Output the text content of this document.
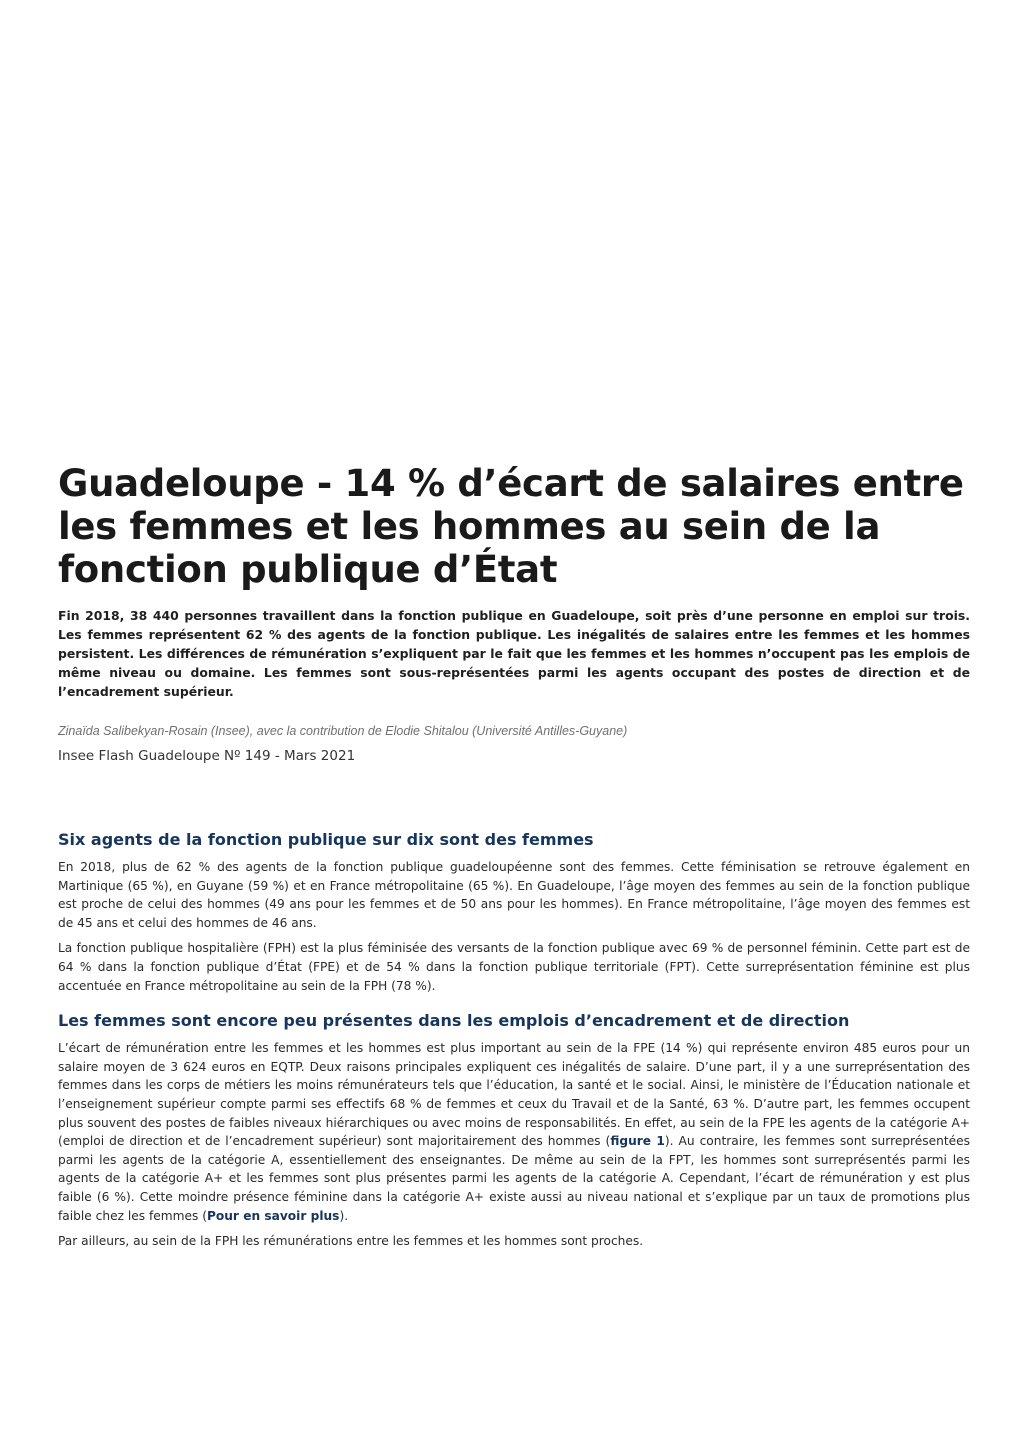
Guadeloupe - 14 % d’écart de salaires entre les femmes et les hommes au sein de la fonction publique d’État

Fin 2018, 38 440 personnes travaillent dans la fonction publique en Guadeloupe, soit près d’une personne en emploi sur trois. Les femmes représentent 62 % des agents de la fonction publique. Les inégalités de salaires entre les femmes et les hommes persistent. Les différences de rémunération s’expliquent par le fait que les femmes et les hommes n’occupent pas les emplois de même niveau ou domaine. Les femmes sont sous-représentées parmi les agents occupant des postes de direction et de l’encadrement supérieur.

Zinaïda Salibekyan-Rosain (Insee), avec la contribution de Elodie Shitalou (Université Antilles-Guyane)
Insee Flash Guadeloupe Nº 149 - Mars 2021
Six agents de la fonction publique sur dix sont des femmes

En 2018, plus de 62 % des agents de la fonction publique guadeloupéenne sont des femmes. Cette féminisation se retrouve également en Martinique (65 %), en Guyane (59 %) et en France métropolitaine (65 %). En Guadeloupe, l’âge moyen des femmes au sein de la fonction publique est proche de celui des hommes (49 ans pour les femmes et de 50 ans pour les hommes). En France métropolitaine, l’âge moyen des femmes est de 45 ans et celui des hommes de 46 ans.

La fonction publique hospitalière (FPH) est la plus féminisée des versants de la fonction publique avec 69 % de personnel féminin. Cette part est de 64 % dans la fonction publique d’État (FPE) et de 54 % dans la fonction publique territoriale (FPT). Cette surreprésentation féminine est plus accentuée en France métropolitaine au sein de la FPH (78 %).

Les femmes sont encore peu présentes dans les emplois d’encadrement et de direction

L’écart de rémunération entre les femmes et les hommes est plus important au sein de la FPE (14 %) qui représente environ 485 euros pour un salaire moyen de 3 624 euros en EQTP. Deux raisons principales expliquent ces inégalités de salaire. D’une part, il y a une surreprésentation des femmes dans les corps de métiers les moins rémunérateurs tels que l’éducation, la santé et le social. Ainsi, le ministère de l’Éducation nationale et l’enseignement supérieur compte parmi ses effectifs 68 % de femmes et ceux du Travail et de la Santé, 63 %. D’autre part, les femmes occupent plus souvent des postes de faibles niveaux hiérarchiques ou avec moins de responsabilités. En effet, au sein de la FPE les agents de la catégorie A+ (emploi de direction et de l’encadrement supérieur) sont majoritairement des hommes (figure 1). Au contraire, les femmes sont surreprésentées parmi les agents de la catégorie A, essentiellement des enseignantes. De même au sein de la FPT, les hommes sont surreprésentés parmi les agents de la catégorie A+ et les femmes sont plus présentes parmi les agents de la catégorie A. Cependant, l’écart de rémunération y est plus faible (6 %). Cette moindre présence féminine dans la catégorie A+ existe aussi au niveau national et s’explique par un taux de promotions plus faible chez les femmes (Pour en savoir plus).

Par ailleurs, au sein de la FPH les rémunérations entre les femmes et les hommes sont proches.
